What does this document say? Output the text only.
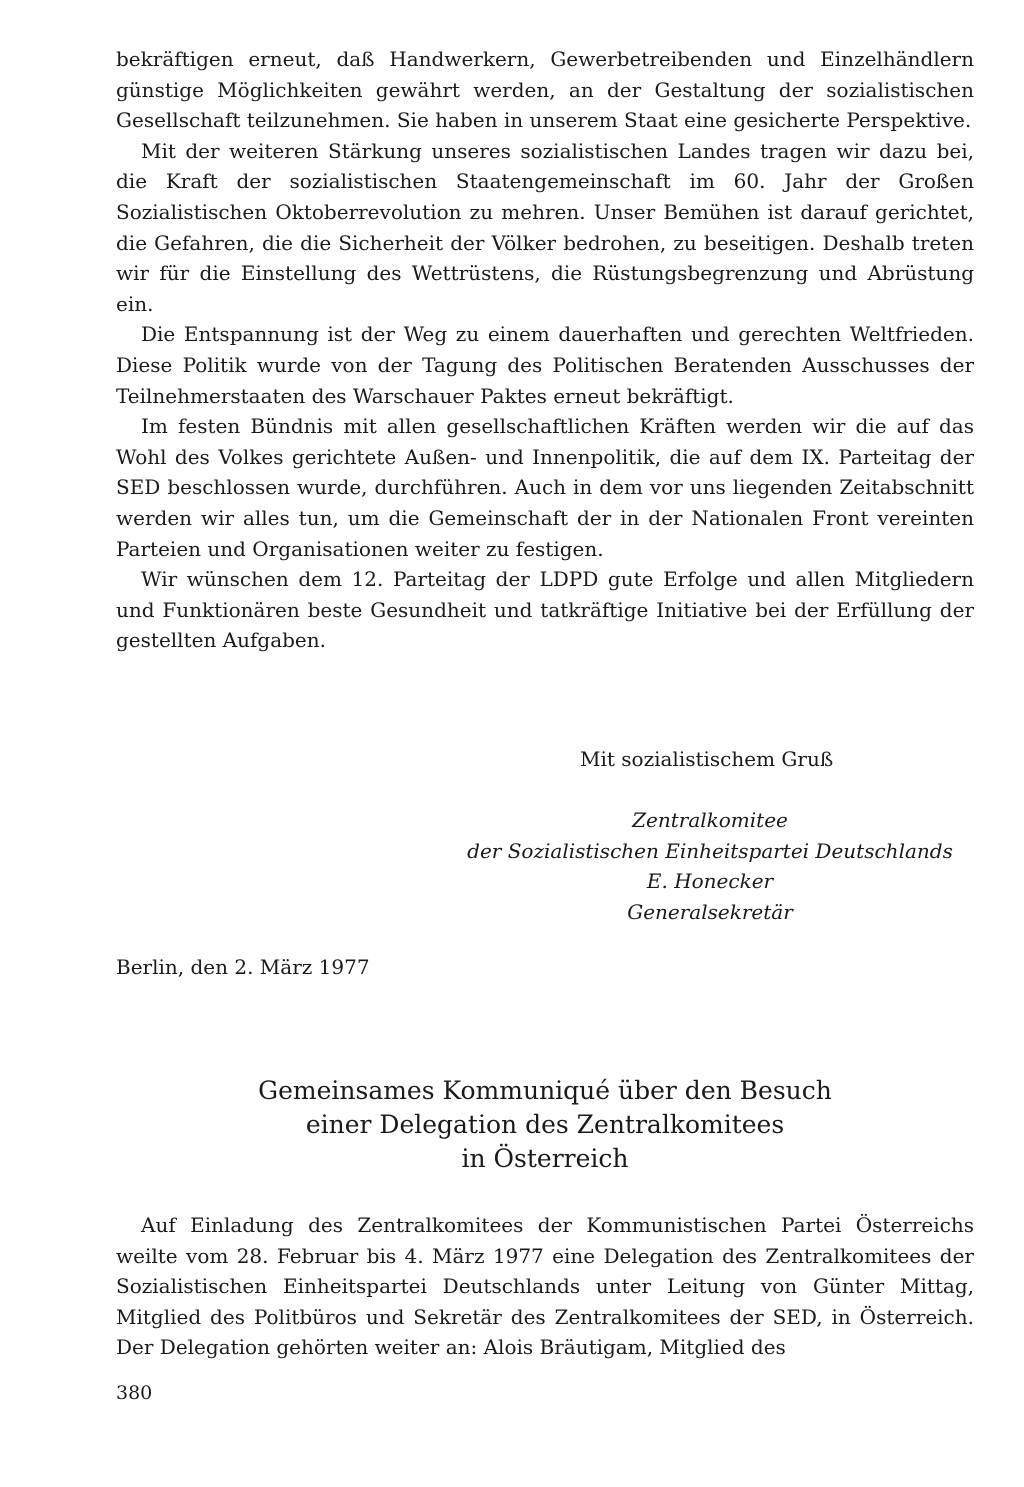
bekräftigen erneut, daß Handwerkern, Gewerbetreibenden und Einzelhändlern günstige Möglichkeiten gewährt werden, an der Gestaltung der sozialistischen Gesellschaft teilzunehmen. Sie haben in unserem Staat eine gesicherte Perspektive.

Mit der weiteren Stärkung unseres sozialistischen Landes tragen wir dazu bei, die Kraft der sozialistischen Staatengemeinschaft im 60. Jahr der Großen Sozialistischen Oktoberrevolution zu mehren. Unser Bemühen ist darauf gerichtet, die Gefahren, die die Sicherheit der Völker bedrohen, zu beseitigen. Deshalb treten wir für die Einstellung des Wettrüstens, die Rüstungsbegrenzung und Abrüstung ein.

Die Entspannung ist der Weg zu einem dauerhaften und gerechten Weltfrieden. Diese Politik wurde von der Tagung des Politischen Beratenden Ausschusses der Teilnehmerstaaten des Warschauer Paktes erneut bekräftigt.

Im festen Bündnis mit allen gesellschaftlichen Kräften werden wir die auf das Wohl des Volkes gerichtete Außen- und Innenpolitik, die auf dem IX. Parteitag der SED beschlossen wurde, durchführen. Auch in dem vor uns liegenden Zeitabschnitt werden wir alles tun, um die Gemeinschaft der in der Nationalen Front vereinten Parteien und Organisationen weiter zu festigen.

Wir wünschen dem 12. Parteitag der LDPD gute Erfolge und allen Mitgliedern und Funktionären beste Gesundheit und tatkräftige Initiative bei der Erfüllung der gestellten Aufgaben.

Mit sozialistischem Gruß

Zentralkomitee
der Sozialistischen Einheitspartei Deutschlands
E. Honecker
Generalsekretär

Berlin, den 2. März 1977

Gemeinsames Kommuniqué über den Besuch
einer Delegation des Zentralkomitees
in Österreich

Auf Einladung des Zentralkomitees der Kommunistischen Partei Österreichs weilte vom 28. Februar bis 4. März 1977 eine Delegation des Zentralkomitees der Sozialistischen Einheitspartei Deutschlands unter Leitung von Günter Mittag, Mitglied des Politbüros und Sekretär des Zentralkomitees der SED, in Österreich. Der Delegation gehörten weiter an: Alois Bräutigam, Mitglied des

380
